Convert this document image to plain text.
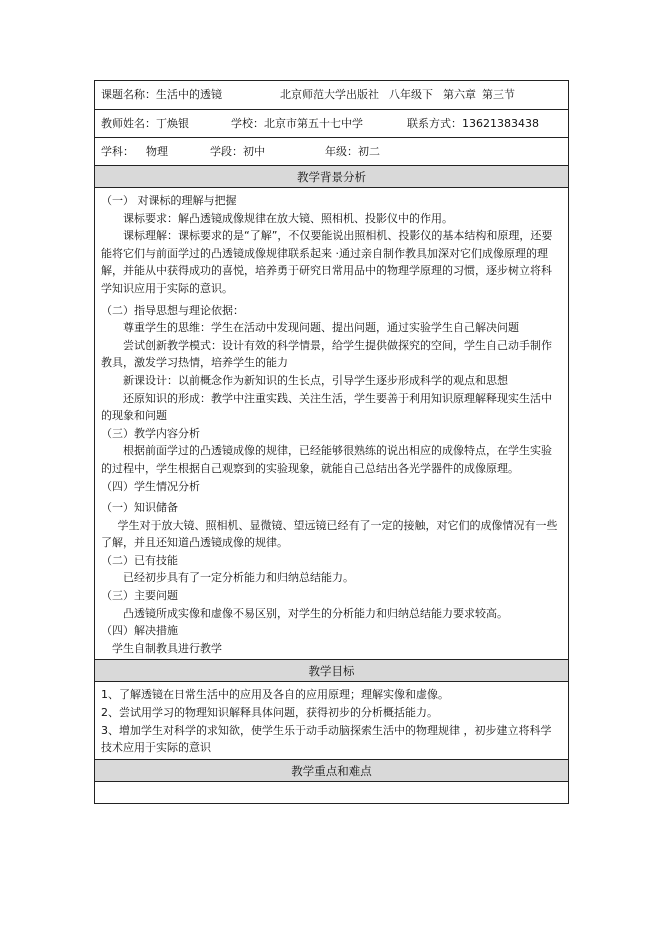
课题名称： 生活中的透镜	北京师范大学出版社 八年级下 第六章 第三节
教师姓名： 丁焕银	学校： 北京市第五十七中学	联系方式： 13621383438
学科： 物理	学段： 初中	年级： 初二
教学背景分析

（一） 对课标的理解与把握

课标要求：解凸透镜成像规律在放大镜、照相机、投影仪中的作用。

课标理解：课标要求的是“了解”，不仅要能说出照相机、投影仪的基本结构和原理，还要能将它们与前面学过的凸透镜成像规律联系起来 ·通过亲自制作教具加深对它们成像原理的理解，并能从中获得成功的喜悦，培养勇于研究日常用品中的物理学原理的习惯，逐步树立将科学知识应用于实际的意识。

（二）指导思想与理论依据：

尊重学生的思维：学生在活动中发现问题、提出问题，通过实验学生自己解决问题

尝试创新教学模式：设计有效的科学情景，给学生提供做探究的空间，学生自己动手制作教具，激发学习热情，培养学生的能力

新课设计：以前概念作为新知识的生长点，引导学生逐步形成科学的观点和思想

还原知识的形成：教学中注重实践、关注生活，学生要善于利用知识原理解释现实生活中的现象和问题

（三）教学内容分析

根据前面学过的凸透镜成像的规律，已经能够很熟练的说出相应的成像特点，在学生实验的过程中，学生根据自己观察到的实验现象，就能自己总结出各光学器件的成像原理。

（四）学生情况分析

（一）知识储备

学生对于放大镜、照相机、显微镜、望远镜已经有了一定的接触，对它们的成像情况有一些了解，并且还知道凸透镜成像的规律。

（二）已有技能

已经初步具有了一定分析能力和归纳总结能力。

（三）主要问题

凸透镜所成实像和虚像不易区别，对学生的分析能力和归纳总结能力要求较高。

（四）解决措施

学生自制教具进行教学

教学目标

1、了解透镜在日常生活中的应用及各自的应用原理；理解实像和虚像。

2、尝试用学习的物理知识解释具体问题，获得初步的分析概括能力。

3、增加学生对科学的求知欲，使学生乐于动手动脑探索生活中的物理规律 ，初步建立将科学技术应用于实际的意识

教学重点和难点
